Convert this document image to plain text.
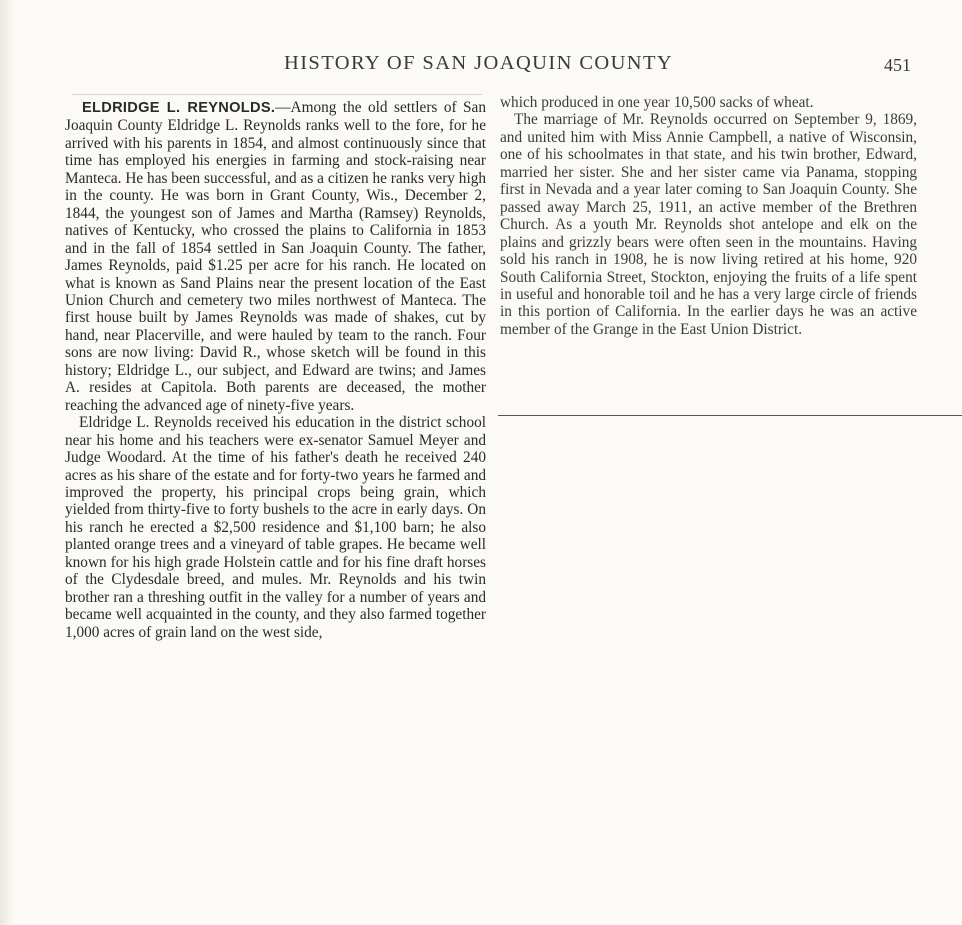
HISTORY OF SAN JOAQUIN COUNTY	451

ELDRIDGE L. REYNOLDS.—Among the old settlers of San Joaquin County Eldridge L. Reynolds ranks well to the fore, for he arrived with his parents in 1854, and almost continuously since that time has employed his energies in farming and stock-raising near Manteca. He has been successful, and as a citizen he ranks very high in the county. He was born in Grant County, Wis., December 2, 1844, the youngest son of James and Martha (Ramsey) Reynolds, natives of Kentucky, who crossed the plains to California in 1853 and in the fall of 1854 settled in San Joaquin County. The father, James Reynolds, paid $1.25 per acre for his ranch. He located on what is known as Sand Plains near the present location of the East Union Church and cemetery two miles northwest of Manteca. The first house built by James Reynolds was made of shakes, cut by hand, near Placerville, and were hauled by team to the ranch. Four sons are now living: David R., whose sketch will be found in this history; Eldridge L., our subject, and Edward are twins; and James A. resides at Capitola. Both parents are deceased, the mother reaching the advanced age of ninety-five years.

Eldridge L. Reynolds received his education in the district school near his home and his teachers were ex-senator Samuel Meyer and Judge Woodard. At the time of his father's death he received 240 acres as his share of the estate and for forty-two years he farmed and improved the property, his principal crops being grain, which yielded from thirty-five to forty bushels to the acre in early days. On his ranch he erected a $2,500 residence and $1,100 barn; he also planted orange trees and a vineyard of table grapes. He became well known for his high grade Holstein cattle and for his fine draft horses of the Clydesdale breed, and mules. Mr. Reynolds and his twin brother ran a threshing outfit in the valley for a number of years and became well acquainted in the county, and they also farmed together 1,000 acres of grain land on the west side,

which produced in one year 10,500 sacks of wheat.

The marriage of Mr. Reynolds occurred on September 9, 1869, and united him with Miss Annie Campbell, a native of Wisconsin, one of his schoolmates in that state, and his twin brother, Edward, married her sister. She and her sister came via Panama, stopping first in Nevada and a year later coming to San Joaquin County. She passed away March 25, 1911, an active member of the Brethren Church. As a youth Mr. Reynolds shot antelope and elk on the plains and grizzly bears were often seen in the mountains. Having sold his ranch in 1908, he is now living retired at his home, 920 South California Street, Stockton, enjoying the fruits of a life spent in useful and honorable toil and he has a very large circle of friends in this portion of California. In the earlier days he was an active member of the Grange in the East Union District.
